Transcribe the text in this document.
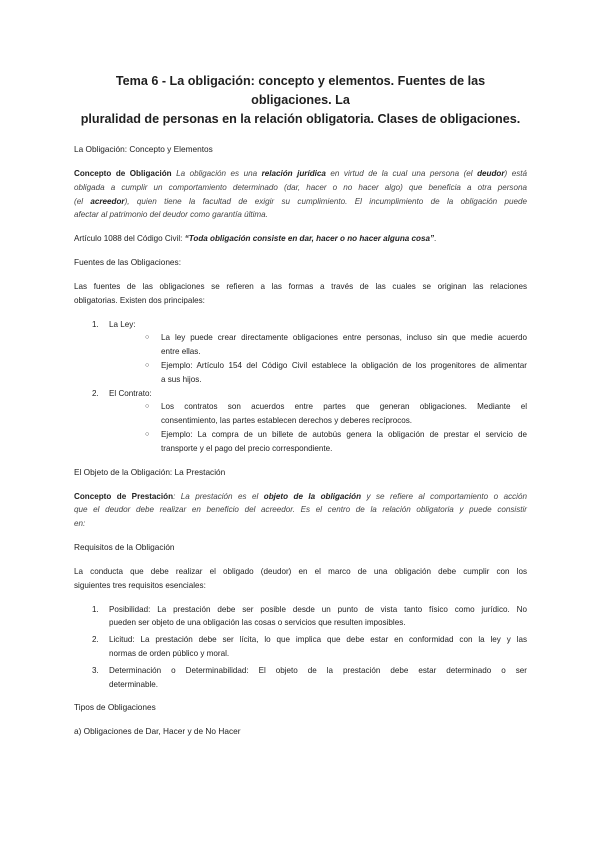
Tema 6 - La obligación: concepto y elementos. Fuentes de las obligaciones. La
pluralidad de personas en la relación obligatoria. Clases de obligaciones.
La Obligación: Concepto y Elementos
Concepto de Obligación La obligación es una relación jurídica en virtud de la cual una persona (el deudor) está
obligada a cumplir un comportamiento determinado (dar, hacer o no hacer algo) que beneficia a otra persona
(el acreedor), quien tiene la facultad de exigir su cumplimiento. El incumplimiento de la obligación puede
afectar al patrimonio del deudor como garantía última.
Artículo 1088 del Código Civil: “Toda obligación consiste en dar, hacer o no hacer alguna cosa”.
Fuentes de las Obligaciones:
Las fuentes de las obligaciones se refieren a las formas a través de las cuales se originan las relaciones
obligatorias. Existen dos principales:
1. La Ley:
○ La ley puede crear directamente obligaciones entre personas, incluso sin que medie acuerdo
entre ellas.
○ Ejemplo: Artículo 154 del Código Civil establece la obligación de los progenitores de alimentar
a sus hijos.
2. El Contrato:
○ Los contratos son acuerdos entre partes que generan obligaciones. Mediante el
consentimiento, las partes establecen derechos y deberes recíprocos.
○ Ejemplo: La compra de un billete de autobús genera la obligación de prestar el servicio de
transporte y el pago del precio correspondiente.
El Objeto de la Obligación: La Prestación
Concepto de Prestación: La prestación es el objeto de la obligación y se refiere al comportamiento o acción
que el deudor debe realizar en beneficio del acreedor. Es el centro de la relación obligatoria y puede consistir
en:
Requisitos de la Obligación
La conducta que debe realizar el obligado (deudor) en el marco de una obligación debe cumplir con los
siguientes tres requisitos esenciales:
1. Posibilidad: La prestación debe ser posible desde un punto de vista tanto físico como jurídico. No
pueden ser objeto de una obligación las cosas o servicios que resulten imposibles.
2. Licitud: La prestación debe ser lícita, lo que implica que debe estar en conformidad con la ley y las
normas de orden público y moral.
3. Determinación o Determinabilidad: El objeto de la prestación debe estar determinado o ser
determinable.
Tipos de Obligaciones
a) Obligaciones de Dar, Hacer y de No Hacer
